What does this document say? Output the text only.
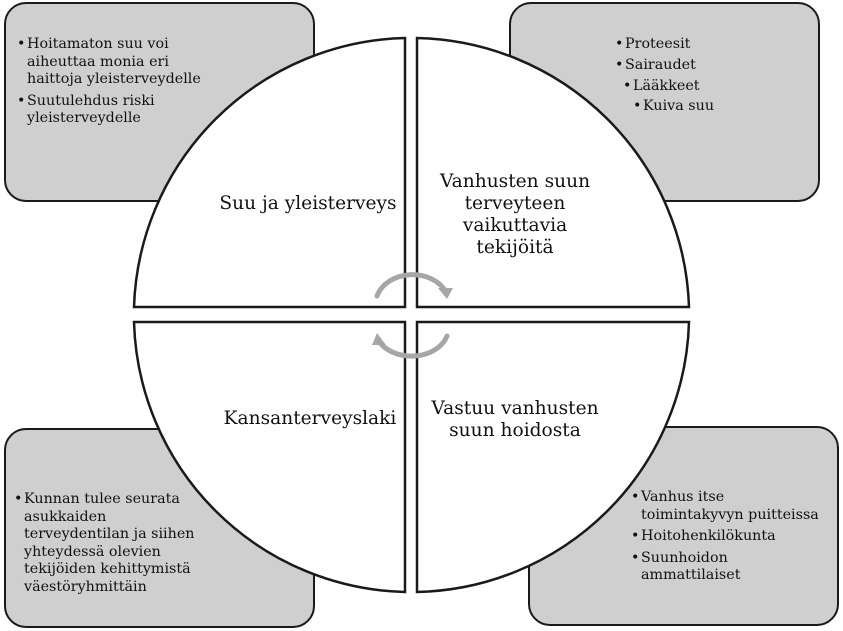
• Hoitamaton suu voi
aiheuttaa monia eri
haittoja yleisterveydelle
• Suutulehdus riski
yleisterveydelle
• Proteesit
• Sairaudet
• Lääkkeet
• Kuiva suu
• Kunnan tulee seurata
asukkaiden
terveydentilan ja siihen
yhteydessä olevien
tekijöiden kehittymistä
väestöryhmittäin
• Vanhus itse
toimintakyvyn puitteissa
• Hoitohenkilökunta
• Suunhoidon
ammattilaiset
Suu ja yleisterveys
Vanhusten suun
terveyteen
vaikuttavia
tekijöitä
Kansanterveyslaki	Vastuu vanhusten
suun hoidosta
